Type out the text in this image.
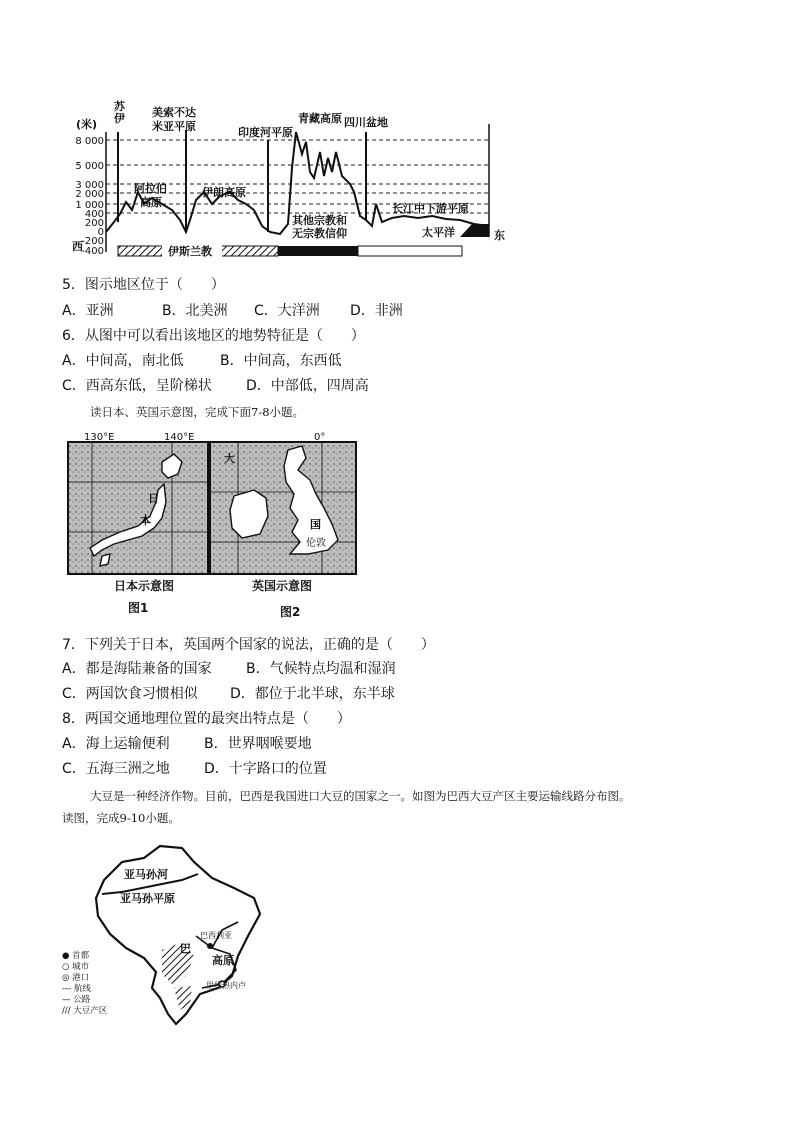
(米)
8 000
5 000
3 000
2 000
1 000
400
200
0
-200
-400
西
东
苏
伊 美索不达
米亚平原
阿拉伯
高原
伊朗高原
印度河平原
青藏高原 四川盆地
长江中下游平原
其他宗教和
无宗教信仰	太平洋
伊斯兰教
5．图示地区位于（　　）
A．亚洲	B．北美洲 C．大洋洲 D．非洲
6．从图中可以看出该地区的地势特征是（　　）
A．中间高，南北低	B．中间高，东西低
C．西高东低，呈阶梯状 D．中部低，四周高
读日本、英国示意图，完成下面7-8小题。
130°E	140°E
日
本
0°
大
国
伦敦
日本示意图	英国示意图
图1	图2
7．下列关于日本，英国两个国家的说法，正确的是（　　）
A．都是海陆兼备的国家 B．气候特点均温和湿润
C．两国饮食习惯相似 D．都位于北半球，东半球
8．两国交通地理位置的最突出特点是（　　）
A．海上运输便利 B．世界咽喉要地
C．五海三洲之地 D．十字路口的位置
大豆是一种经济作物。目前，巴西是我国进口大豆的国家之一。如图为巴西大豆产区主要运输线路分布图。
读图，完成9-10小题。
亚马孙河
亚马孙平原
巴西利亚
巴
高原
里约热内卢
● 首都
○ 城市
◎ 港口
--- 航线
— 公路
/// 大豆产区
